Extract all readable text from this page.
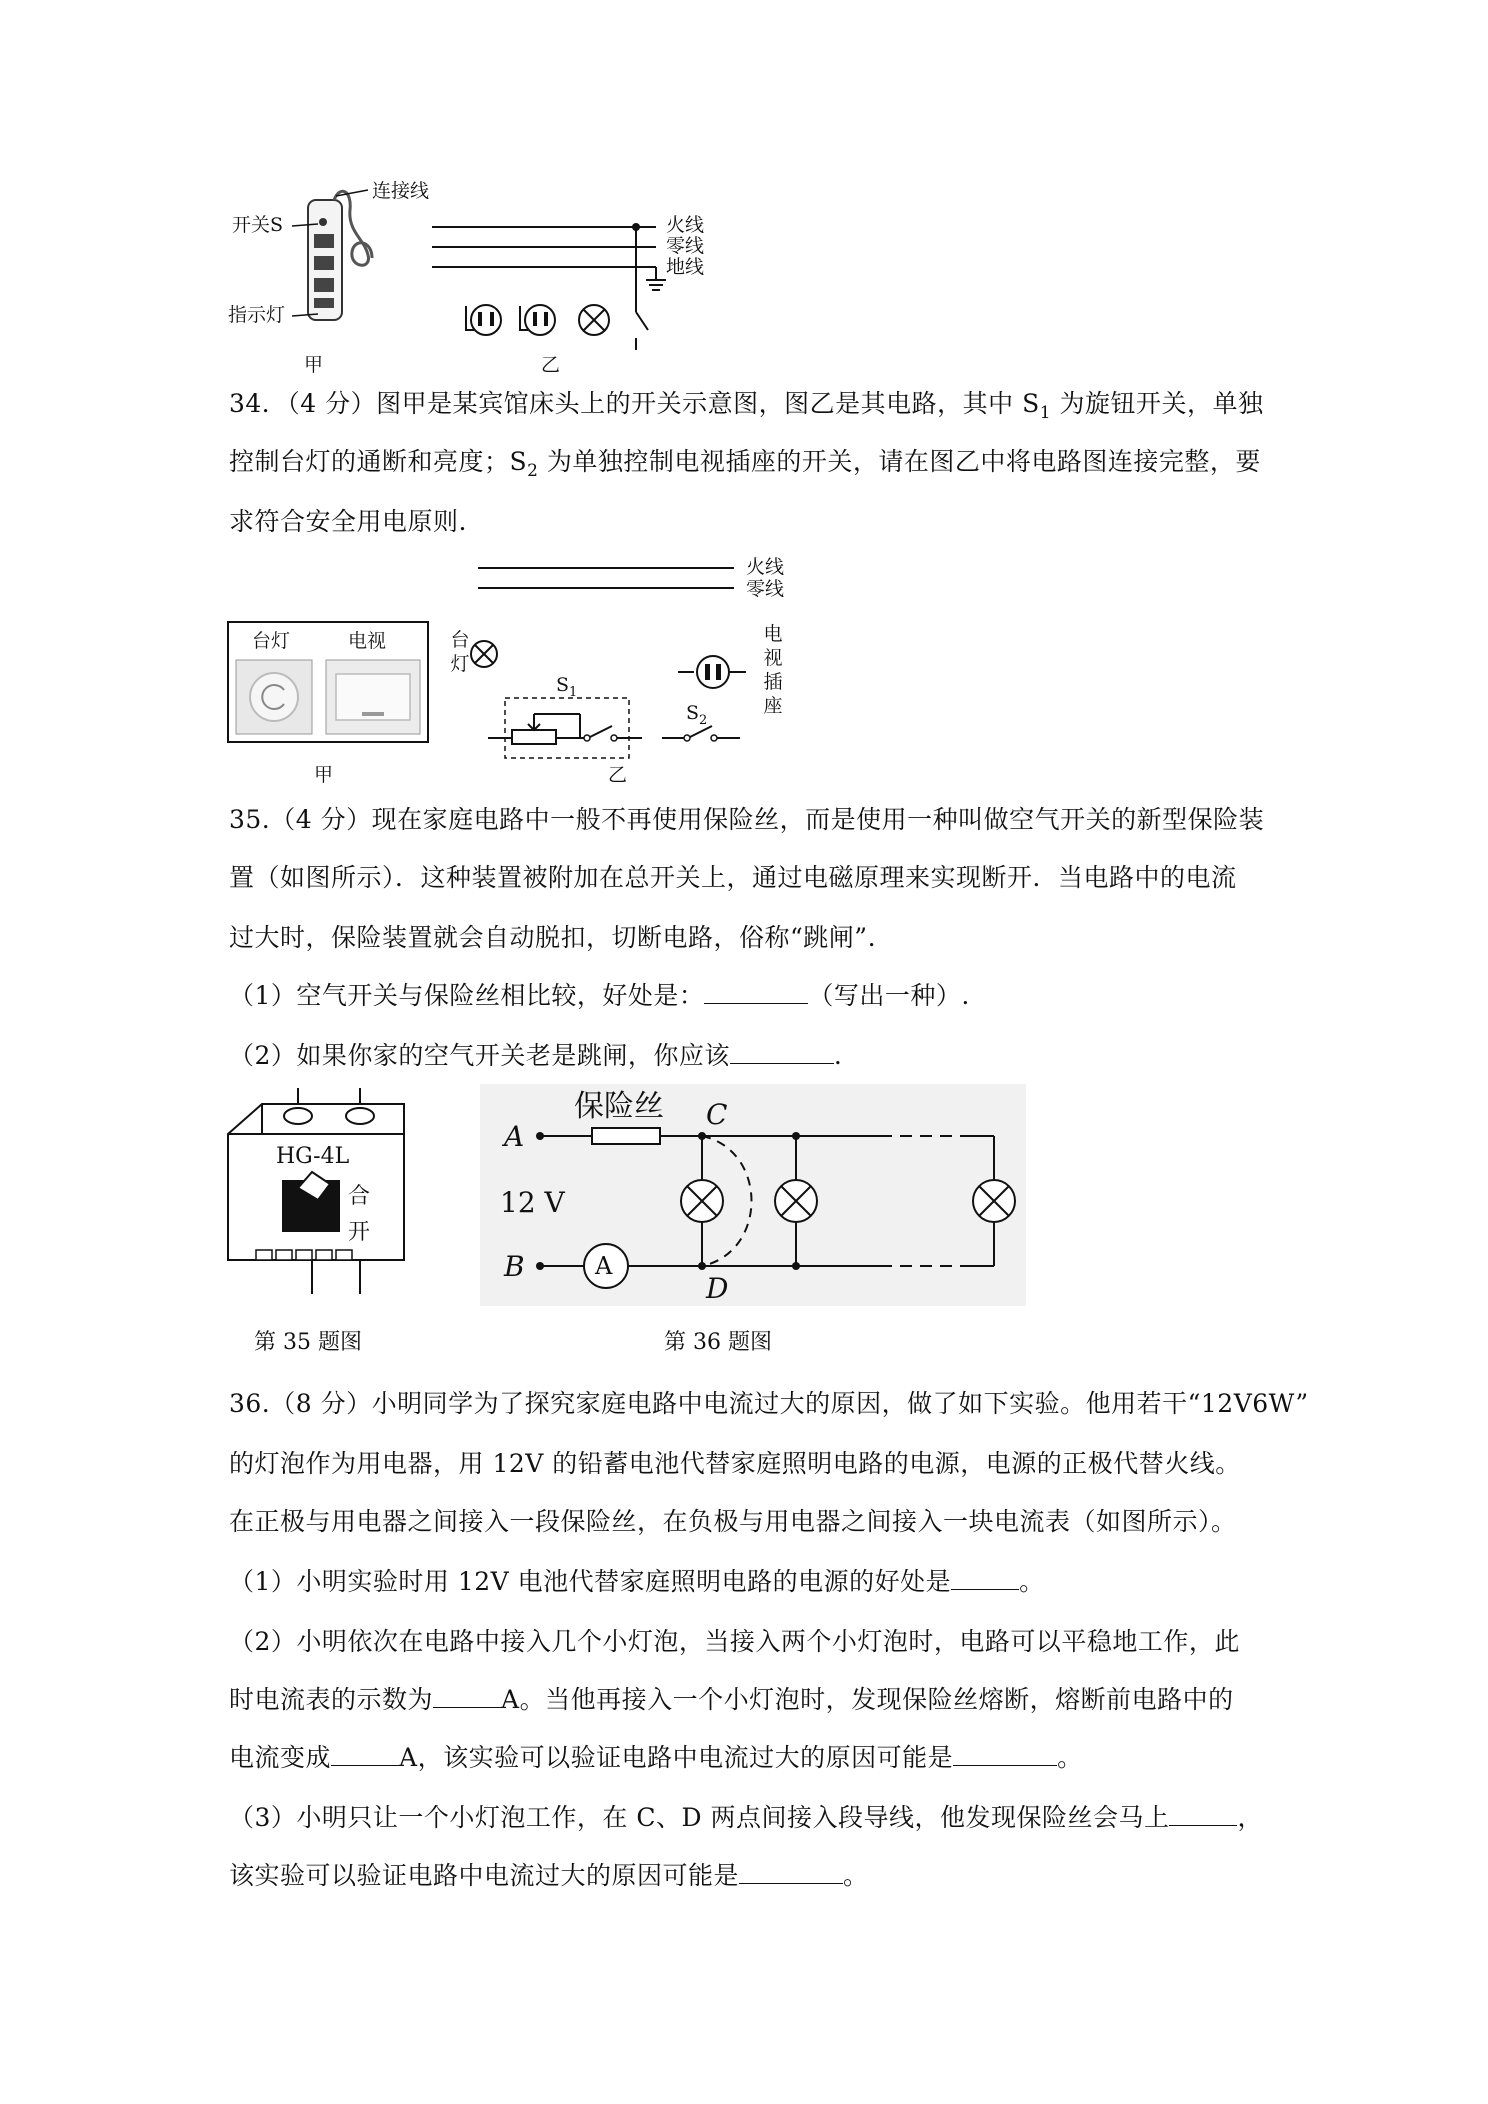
连接线
开关S
指示灯
火线
零线
地线
甲	乙
34．（4 分）图甲是某宾馆床头上的开关示意图，图乙是其电路，其中 $S_1$ 为旋钮开关，单独
控制台灯的通断和亮度；$S_2$ 为单独控制电视插座的开关，请在图乙中将电路图连接完整，要
求符合安全用电原则.
火线
零线
台灯	电视	台灯
电视插座
$S_1$
$S_2$
甲	乙
35.（4 分）现在家庭电路中一般不再使用保险丝，而是使用一种叫做空气开关的新型保险装
置（如图所示）．这种装置被附加在总开关上，通过电磁原理来实现断开．当电路中的电流
过大时，保险装置就会自动脱扣，切断电路，俗称“跳闸”.
（1）空气开关与保险丝相比较，好处是：	（写出一种）.
（2）如果你家的空气开关老是跳闸，你应该	.
HG-4L
合
开
第 35 题图
保险丝
A
B
C
D
12 V
A
第 36 题图
36.（8 分）小明同学为了探究家庭电路中电流过大的原因，做了如下实验。他用若干“12V6W”
的灯泡作为用电器，用 12V 的铅蓄电池代替家庭照明电路的电源，电源的正极代替火线。
在正极与用电器之间接入一段保险丝，在负极与用电器之间接入一块电流表（如图所示）。
（1）小明实验时用 12V 电池代替家庭照明电路的电源的好处是	。
（2）小明依次在电路中接入几个小灯泡，当接入两个小灯泡时，电路可以平稳地工作，此
时电流表的示数为	A。当他再接入一个小灯泡时，发现保险丝熔断，熔断前电路中的
电流变成	A，该实验可以验证电路中电流过大的原因可能是	。
（3）小明只让一个小灯泡工作，在 C、D 两点间接入段导线，他发现保险丝会马上	，
该实验可以验证电路中电流过大的原因可能是	。
